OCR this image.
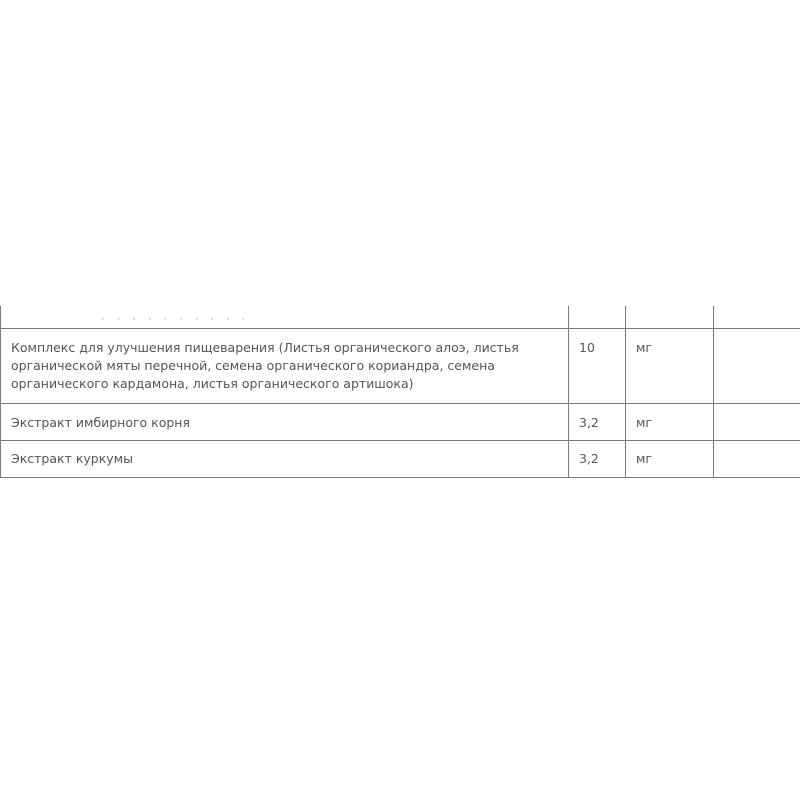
· · · · · · · · · ·			

Комплекс для улучшения пищеварения (Листья органического алоэ, листья органической мяты перечной, семена органического кориандра, семена органического кардамона, листья органического артишока)	10	мг	
Экстракт имбирного корня	3,2	мг	
Экстракт куркумы	3,2	мг	
